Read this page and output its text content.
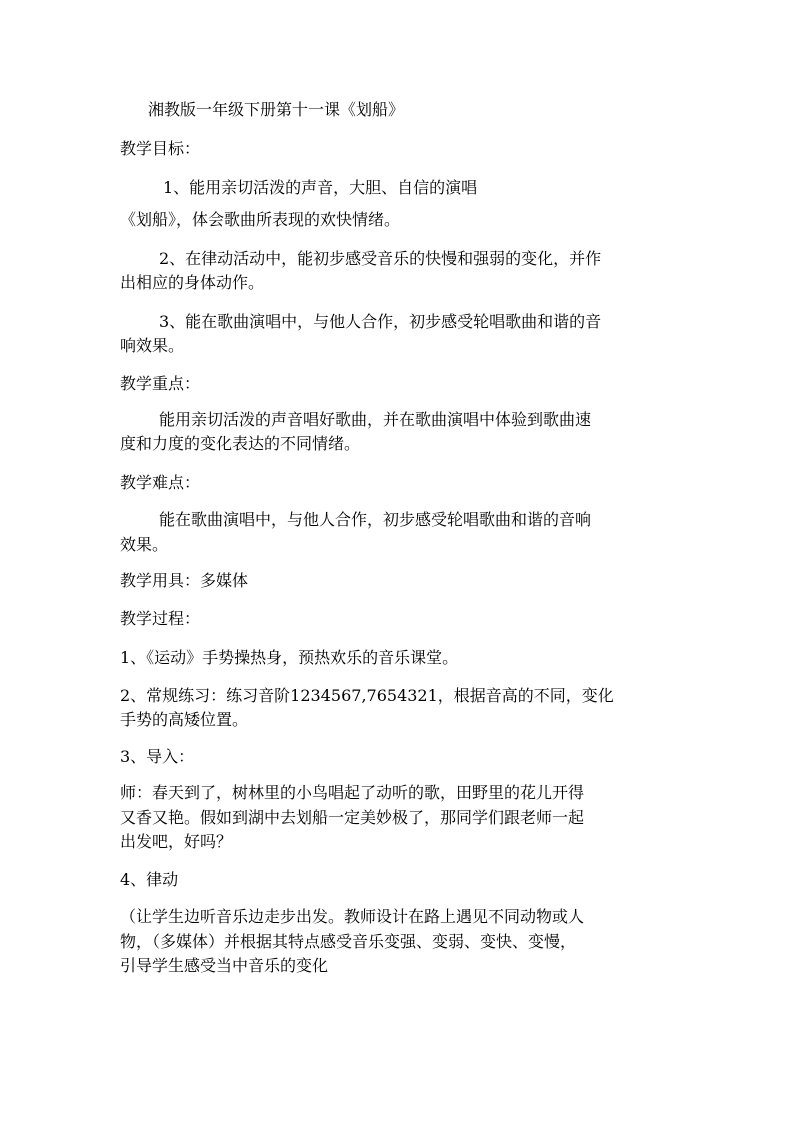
湘教版一年级下册第十一课《划船》
教学目标：
1、能用亲切活泼的声音，大胆、自信的演唱
《划船》，体会歌曲所表现的欢快情绪。
2、在律动活动中，能初步感受音乐的快慢和强弱的变化，并作
出相应的身体动作。
3、能在歌曲演唱中，与他人合作，初步感受轮唱歌曲和谐的音
响效果。
教学重点：
能用亲切活泼的声音唱好歌曲，并在歌曲演唱中体验到歌曲速
度和力度的变化表达的不同情绪。
教学难点：
能在歌曲演唱中，与他人合作，初步感受轮唱歌曲和谐的音响
效果。
教学用具：多媒体
教学过程：
1、《运动》手势操热身，预热欢乐的音乐课堂。
2、常规练习：练习音阶1234567,7654321，根据音高的不同，变化
手势的高矮位置。
3、导入：
师：春天到了，树林里的小鸟唱起了动听的歌，田野里的花儿开得
又香又艳。假如到湖中去划船一定美妙极了，那同学们跟老师一起
出发吧，好吗？
4、律动
（让学生边听音乐边走步出发。教师设计在路上遇见不同动物或人
物，（多媒体）并根据其特点感受音乐变强、变弱、变快、变慢，
引导学生感受当中音乐的变化
